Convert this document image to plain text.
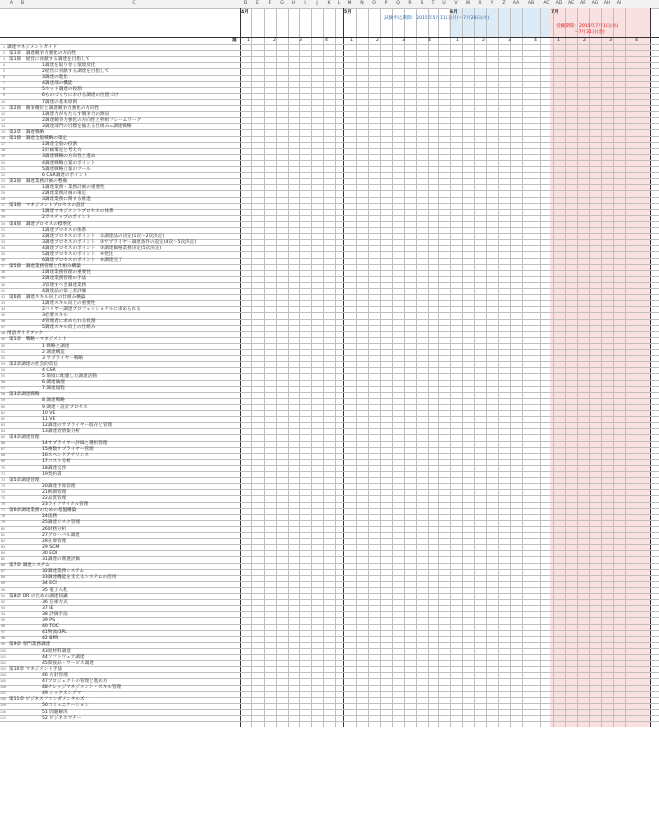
A	B	C	D	E	F	G	H	I	J	K	L	M	N	O	P	Q	R	S	T	U	V	W	X	Y	Z	AA	AB	AC	AD	AE	AF	AG	AH	AI
4月	5月	6月	7月
1	2	3	4	1	2	3	4	1	2	3	4	1	2	3	4
1 調達マネジメントガイド
2 第1章　調達競争力強化の方向性
3 第1節　経営に貢献する調達を目指して
4	1調達を取り巻く環境変化
5	2経営に貢献する調達を目指して
6	3調達の進化
7	4調達部の機能
8	5ホット調達の役割
9	6ものづくりにおける調達の位置づけ
10	7調達の基本原則
11 第2節　競争優位と調達競争力強化の方向性
12	1調達力がもたらす競争力の源泉
13	2調達競争力強化の方向性と枠組フレームワーク
14	3調達部門の目標を揃える仕組み=調達戦略
15 第2章　調達戦略
16 第1節　調達全般戦略の策定
17	1調達全般の役割
18	2計画策定と考え方
19	3調達戦略の方向性と進め
20	4調達戦略立案のポイント
21	5調達戦略立案のツール
22	6 CSR調達のポイント
23 第2節　調達業務計画の整備
24	1調達業務・業務計画の重要性
25	2調達業務計画の策定
26	3調達業務に関する推進
27 第3節　マネジメントプロセスの設計
28	1調達マネジメントプロセスの体系
29	2ガステップのポイント
30 第4節　調達プロセスの標準化
31	1調達プロセスの体系
32	2調達プロセスのポイント　①調達品の決定(1次～2次決定)
33	3調達プロセスのポイント　②サプライヤー調達条件の設定(4次～5次決定)
34	4調達プロセスのポイント　③調達価格業務決定(5次決定)
35	5調達プロセスのポイント　④発注
36	6調達プロセスのポイント　⑤調達完了
37 第5節　調達業務管理と仕組み構築
38	1調達業務管理の重要性
39	2調達業務管理の手法
40	3管理すべき調達業務
41	4調達品の第三者評価
42 第6節　調達スキル向上の仕組み構築
43	1調達スキル向上の重要性
44	2バイヤー調達プロフェッショナルに求められる
45	3必要スキル
46	4管理者に求められる役割
47	5調達スキル向上の仕組み
48 用語ガイドブック
49 第1章　戦略・マネジメント
50	1 戦略と調達
51	2 調達構造
52	3 サプライヤー戦略
53 第2章調達の社会的責任
54	4 CSR
55	5 環境に配慮した調達活動
56	6 調達倫理
57	7 調達規程
58 第3章調達戦略
59	8 調達戦略
60	9 調達・設計プロセス
61	10 VE
62	11 VE
63	12調達のサプライヤー既存と管理
64	13調達者情報分析
65 第4章調達管理
66	14サプライヤー評価と選択管理
67	15複数サプライヤー管理
68	16スペンドアナリシス
69	17コスト分析
70	18調達交渉
71	19契約書
72 第5章調達管理
73	20調達予算管理
74	21納期管理
75	22品質管理
76	23ライフサイクル管理
77 第6章調達業務のための基盤構築
78	24法務
79	25調達リスク管理
80	26財務分析
81	27グローバル調達
82	28在庫管理
83	29 SCM
84	30 EDI
85	31調達の関連評価
86 第7章 調達システム
87	32調達業務システム
88	33調達機能を支えるシステムの活用
89	34 ECI
90	35 電子入札
91 第8章 OR のための調達知識
92	36 在庫方式
93	37 IE
94	38 評価手法
95	39 PS
96	40 TOC
97	41物流/3PL
98	42 BPR
99 第9章 専門業務調達
100	43原材料調達
101	44ソフトウェア調達
102	45間接品・サービス調達
103 第10章 マネジメント手法
104	46 方針管理
105	47プロジェクトの管理と進め方
106	48ナレッジマネジメント・スキル管理
107	49 シックスシグマ
108 第11章 ビジネスファンダメンタルズ
109	50コミュニケーション
110	51 問題解決
111	52 ビジネスマナー
試験申込期間：2015年5月11日(月)～7月28日(火)
受験期間：2015年7月1日(水)
～7月31日(金)
週
